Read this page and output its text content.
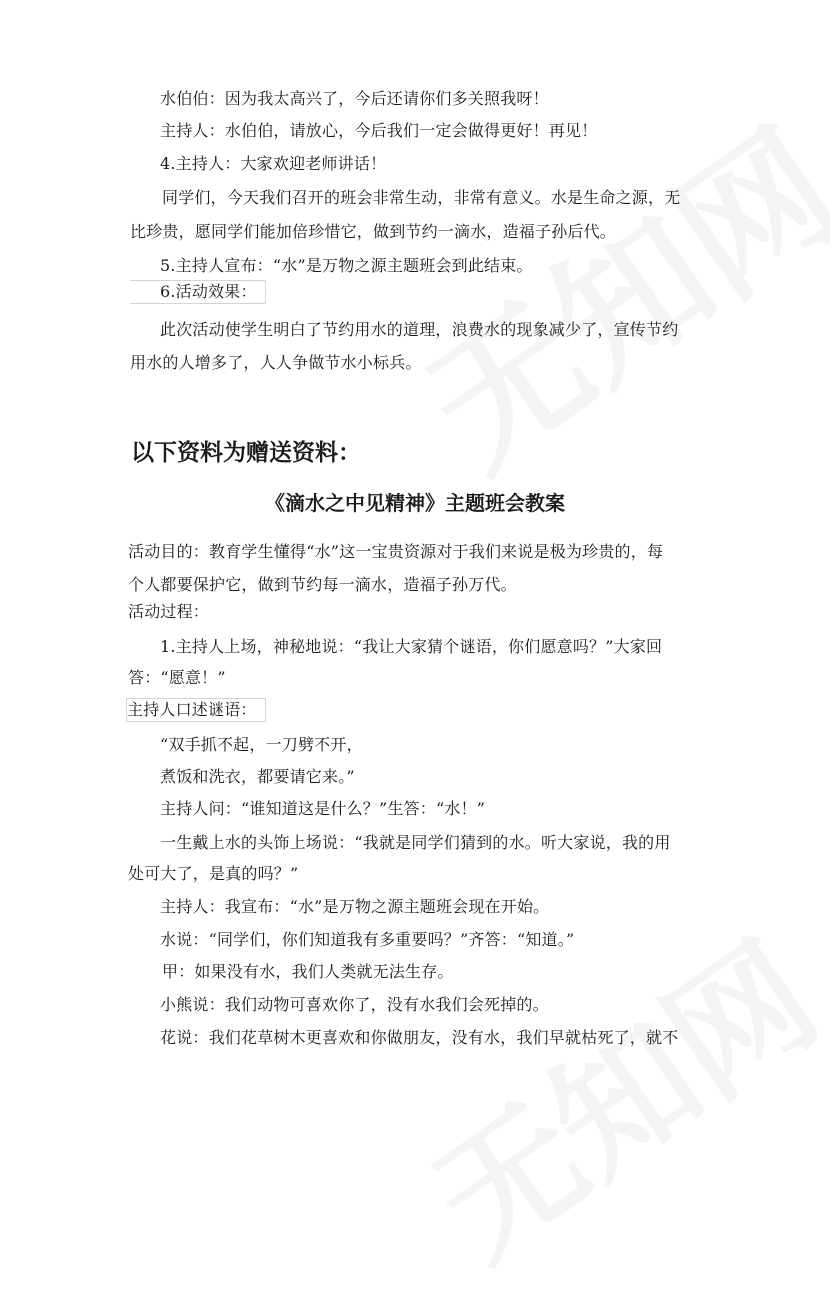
水伯伯：因为我太高兴了，今后还请你们多关照我呀！
主持人：水伯伯，请放心，今后我们一定会做得更好！再见！
4.主持人：大家欢迎老师讲话！
同学们，今天我们召开的班会非常生动，非常有意义。水是生命之源，无
比珍贵，愿同学们能加倍珍惜它，做到节约一滴水，造福子孙后代。
5.主持人宣布：“水”是万物之源主题班会到此结束。
6.活动效果：
此次活动使学生明白了节约用水的道理，浪费水的现象减少了，宣传节约
用水的人增多了，人人争做节水小标兵。
以下资料为赠送资料：
《滴水之中见精神》主题班会教案
活动目的：教育学生懂得“水”这一宝贵资源对于我们来说是极为珍贵的，每
个人都要保护它，做到节约每一滴水，造福子孙万代。
活动过程：
1.主持人上场，神秘地说：“我让大家猜个谜语，你们愿意吗？”大家回
答：“愿意！”
主持人口述谜语：
“双手抓不起，一刀劈不开，
煮饭和洗衣，都要请它来。”
主持人问：“谁知道这是什么？”生答：“水！”
一生戴上水的头饰上场说：“我就是同学们猜到的水。听大家说，我的用
处可大了，是真的吗？”
主持人：我宣布：“水”是万物之源主题班会现在开始。
水说：“同学们，你们知道我有多重要吗？”齐答：“知道。”
甲：如果没有水，我们人类就无法生存。
小熊说：我们动物可喜欢你了，没有水我们会死掉的。
花说：我们花草树木更喜欢和你做朋友，没有水，我们早就枯死了，就不
